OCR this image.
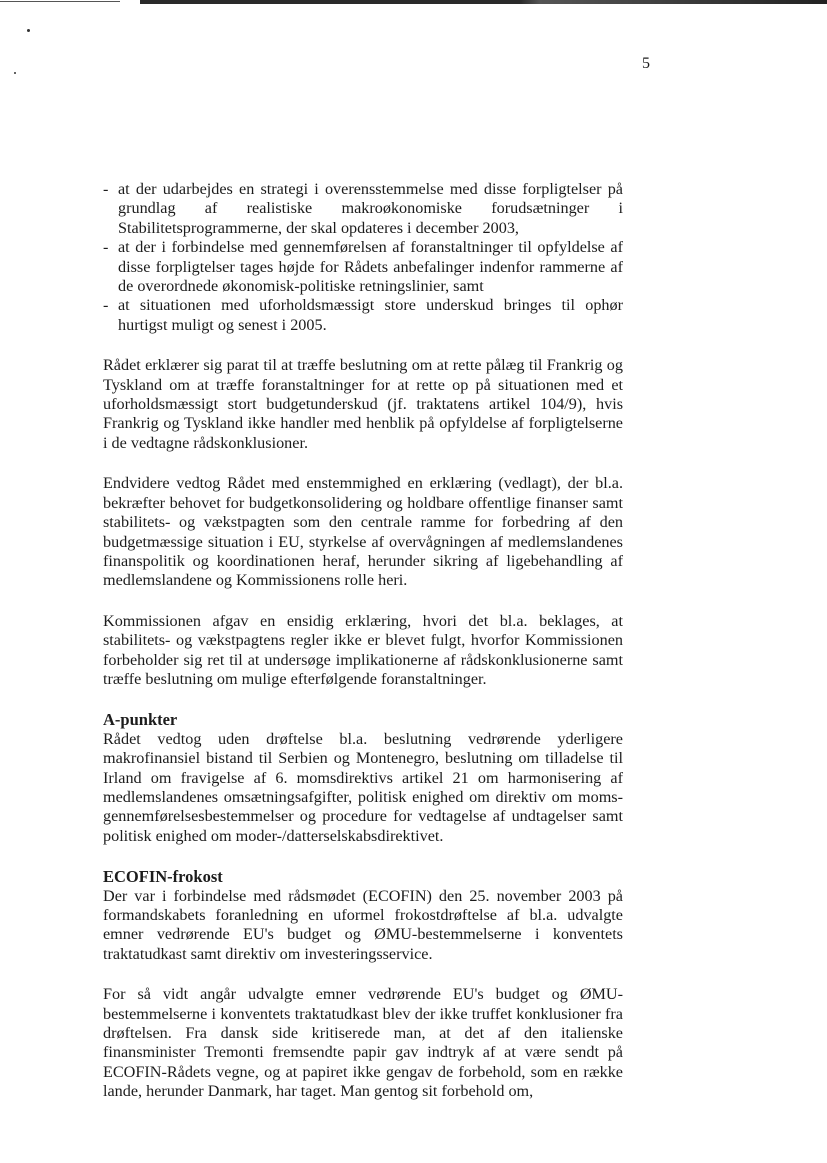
5
- at der udarbejdes en strategi i overensstemmelse med disse forpligtelser på grundlag af realistiske makroøkonomiske forudsætninger i Stabilitetsprogrammerne, der skal opdateres i december 2003,
- at der i forbindelse med gennemførelsen af foranstaltninger til opfyldelse af disse forpligtelser tages højde for Rådets anbefalinger indenfor rammerne af de overordnede økonomisk-politiske retningslinier, samt
- at situationen med uforholdsmæssigt store underskud bringes til ophør hurtigst muligt og senest i 2005.

Rådet erklærer sig parat til at træffe beslutning om at rette pålæg til Frankrig og Tyskland om at træffe foranstaltninger for at rette op på situationen med et uforholdsmæssigt stort budgetunderskud (jf. traktatens artikel 104/9), hvis Frankrig og Tyskland ikke handler med henblik på opfyldelse af forpligtelserne i de vedtagne rådskonklusioner.

Endvidere vedtog Rådet med enstemmighed en erklæring (vedlagt), der bl.a. bekræfter behovet for budgetkonsolidering og holdbare offentlige finanser samt stabilitets- og vækstpagten som den centrale ramme for forbedring af den budgetmæssige situation i EU, styrkelse af overvågningen af medlemslandenes finanspolitik og koordinationen heraf, herunder sikring af ligebehandling af medlemslandene og Kommissionens rolle heri.

Kommissionen afgav en ensidig erklæring, hvori det bl.a. beklages, at stabilitets- og vækstpagtens regler ikke er blevet fulgt, hvorfor Kommissionen forbeholder sig ret til at undersøge implikationerne af rådskonklusionerne samt træffe beslutning om mulige efterfølgende foranstaltninger.

A-punkter

Rådet vedtog uden drøftelse bl.a. beslutning vedrørende yderligere makrofinansiel bistand til Serbien og Montenegro, beslutning om tilladelse til Irland om fravigelse af 6. momsdirektivs artikel 21 om harmonisering af medlemslandenes omsætningsafgifter, politisk enighed om direktiv om moms-gennemførelsesbestemmelser og procedure for vedtagelse af undtagelser samt politisk enighed om moder-/datterselskabsdirektivet.

ECOFIN-frokost

Der var i forbindelse med rådsmødet (ECOFIN) den 25. november 2003 på formandskabets foranledning en uformel frokostdrøftelse af bl.a. udvalgte emner vedrørende EU's budget og ØMU-bestemmelserne i konventets traktatudkast samt direktiv om investeringsservice.

For så vidt angår udvalgte emner vedrørende EU's budget og ØMU-bestemmelserne i konventets traktatudkast blev der ikke truffet konklusioner fra drøftelsen. Fra dansk side kritiserede man, at det af den italienske finansminister Tremonti fremsendte papir gav indtryk af at være sendt på ECOFIN-Rådets vegne, og at papiret ikke gengav de forbehold, som en række lande, herunder Danmark, har taget. Man gentog sit forbehold om,
